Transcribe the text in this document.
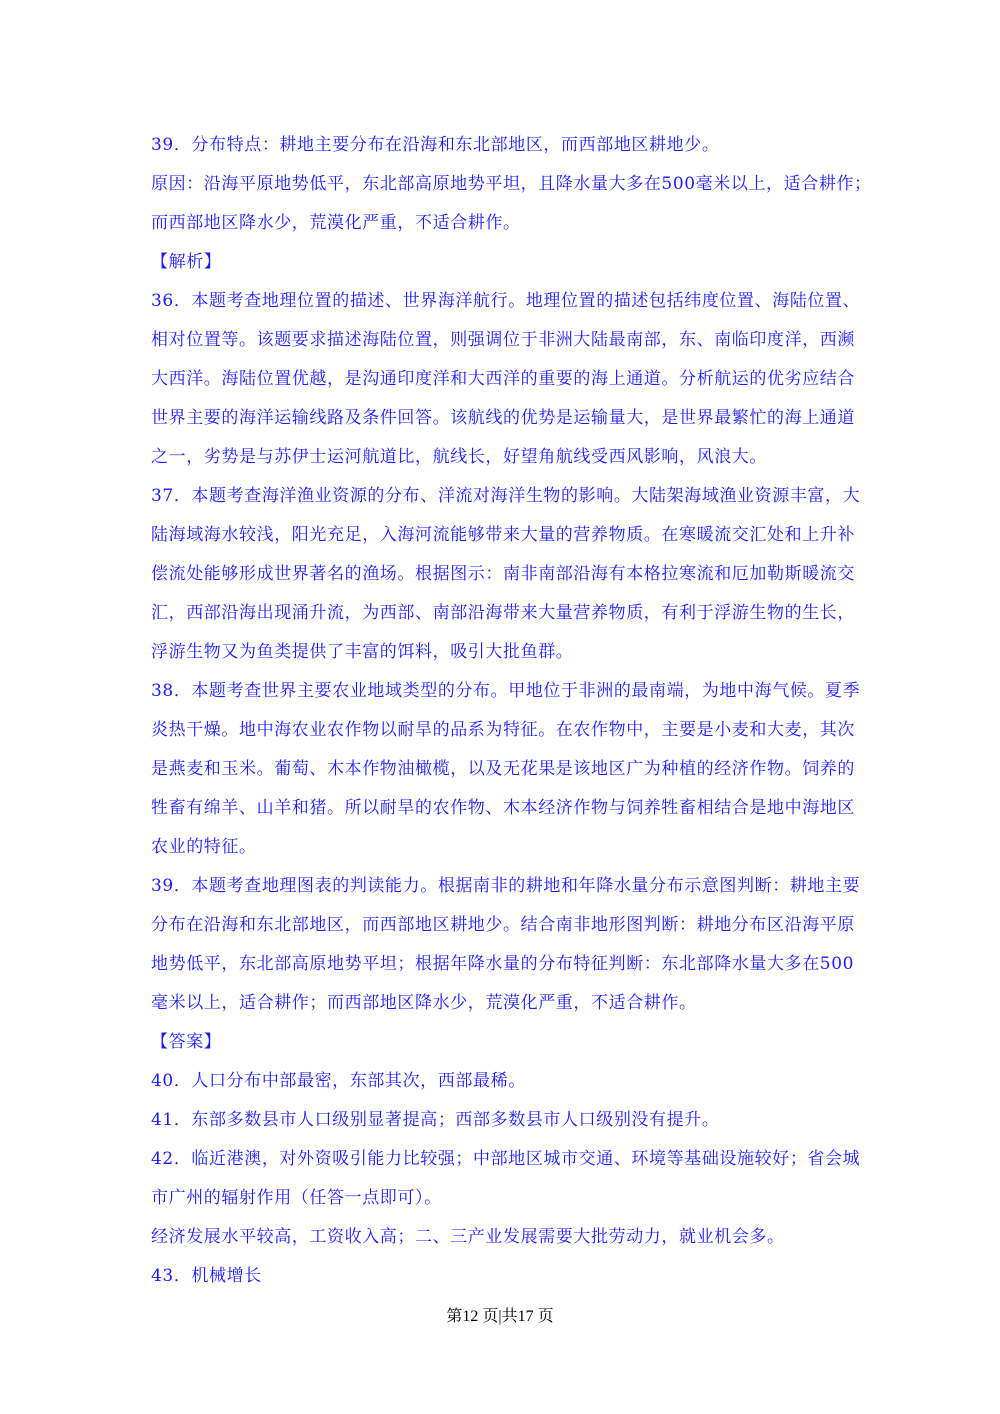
39．分布特点：耕地主要分布在沿海和东北部地区，而西部地区耕地少。
原因：沿海平原地势低平，东北部高原地势平坦，且降水量大多在500毫米以上，适合耕作；
而西部地区降水少，荒漠化严重，不适合耕作。
【解析】
36．本题考查地理位置的描述、世界海洋航行。地理位置的描述包括纬度位置、海陆位置、
相对位置等。该题要求描述海陆位置，则强调位于非洲大陆最南部，东、南临印度洋，西濒
大西洋。海陆位置优越，是沟通印度洋和大西洋的重要的海上通道。分析航运的优劣应结合
世界主要的海洋运输线路及条件回答。该航线的优势是运输量大，是世界最繁忙的海上通道
之一，劣势是与苏伊士运河航道比，航线长，好望角航线受西风影响，风浪大。
37．本题考查海洋渔业资源的分布、洋流对海洋生物的影响。大陆架海域渔业资源丰富，大
陆海域海水较浅，阳光充足，入海河流能够带来大量的营养物质。在寒暖流交汇处和上升补
偿流处能够形成世界著名的渔场。根据图示：南非南部沿海有本格拉寒流和厄加勒斯暖流交
汇，西部沿海出现涌升流，为西部、南部沿海带来大量营养物质，有利于浮游生物的生长，
浮游生物又为鱼类提供了丰富的饵料，吸引大批鱼群。
38．本题考查世界主要农业地域类型的分布。甲地位于非洲的最南端，为地中海气候。夏季
炎热干燥。地中海农业农作物以耐旱的品系为特征。在农作物中，主要是小麦和大麦，其次
是燕麦和玉米。葡萄、木本作物油橄榄，以及无花果是该地区广为种植的经济作物。饲养的
牲畜有绵羊、山羊和猪。所以耐旱的农作物、木本经济作物与饲养牲畜相结合是地中海地区
农业的特征。
39．本题考查地理图表的判读能力。根据南非的耕地和年降水量分布示意图判断：耕地主要
分布在沿海和东北部地区，而西部地区耕地少。结合南非地形图判断：耕地分布区沿海平原
地势低平，东北部高原地势平坦；根据年降水量的分布特征判断：东北部降水量大多在500
毫米以上，适合耕作；而西部地区降水少，荒漠化严重，不适合耕作。
【答案】
40．人口分布中部最密，东部其次，西部最稀。
41．东部多数县市人口级别显著提高；西部多数县市人口级别没有提升。
42．临近港澳，对外资吸引能力比较强；中部地区城市交通、环境等基础设施较好；省会城
市广州的辐射作用（任答一点即可）。
经济发展水平较高，工资收入高；二、三产业发展需要大批劳动力，就业机会多。
43．机械增长
第12 页|共17 页
